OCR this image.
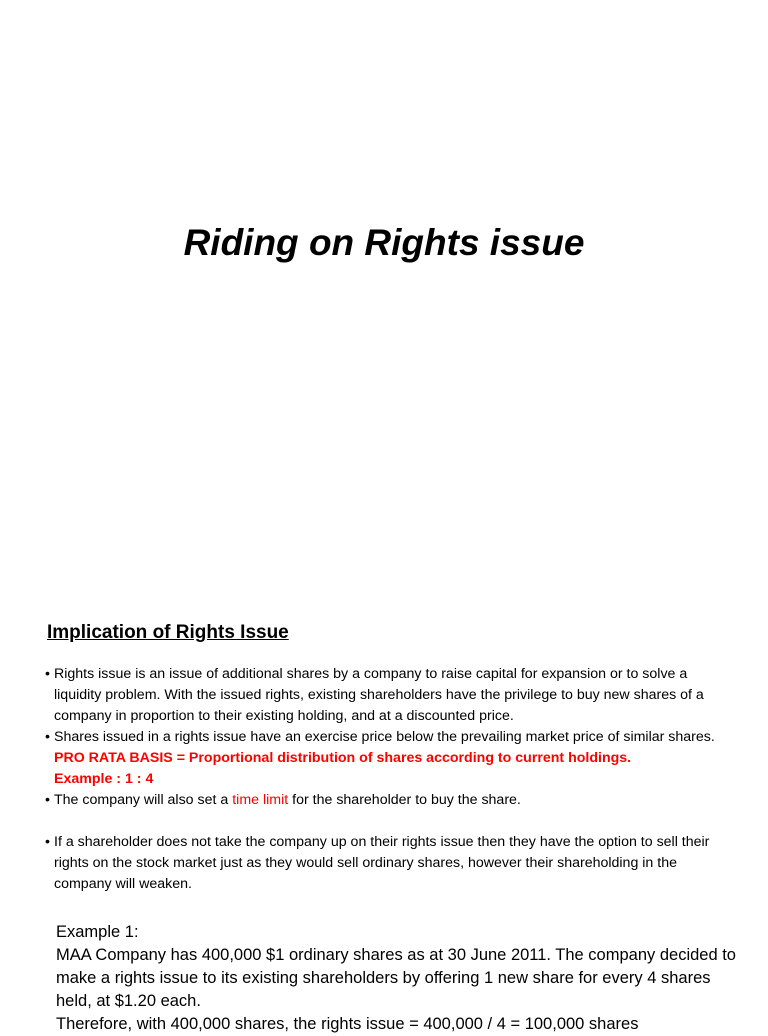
Riding on Rights issue
Implication of Rights Issue
• Rights issue is an issue of additional shares by a company to raise capital for expansion or to solve a liquidity problem. With the issued rights, existing shareholders have the privilege to buy new shares of a company in proportion to their existing holding, and at a discounted price.
• Shares issued in a rights issue have an exercise price below the prevailing market price of similar shares.  PRO RATA BASIS = Proportional distribution of shares according to current holdings.
Example : 1 : 4
• The company will also set a time limit for the shareholder to buy the share.
• If a shareholder does not take the company up on their rights issue then they have the option to sell their rights on the stock market just as they would sell ordinary shares, however their shareholding in the company will weaken.

Example 1:

MAA Company has 400,000 $1 ordinary shares as at 30 June 2011. The company decided to make a rights issue to its existing shareholders by offering 1 new share for every 4 shares held, at $1.20 each.

Therefore, with 400,000 shares, the rights issue = 400,000 / 4 = 100,000 shares
